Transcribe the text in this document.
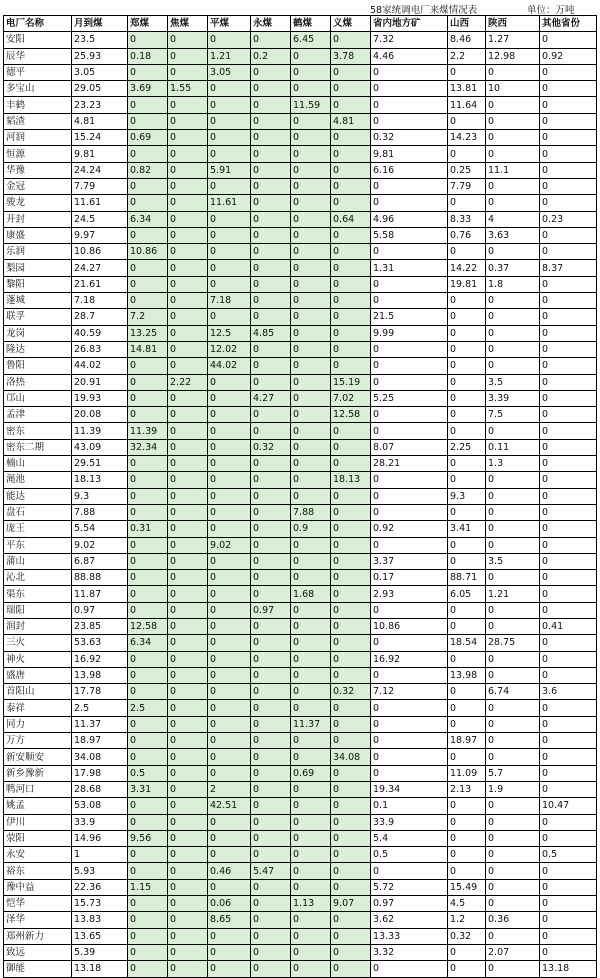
58家统调电厂来煤情况表	单位：万吨
电厂名称	月到煤	郑煤	焦煤	平煤	永煤	鹤煤	义煤	省内地方矿	山西	陕西	其他省份
安阳	23.5	0	0	0	0	6.45	0	7.32	8.46	1.27	0
辰华	25.93	0.18	0	1.21	0.2	0	3.78	4.46	2.2	12.98	0.92
德平	3.05	0	0	3.05	0	0	0	0	0	0	0
多宝山	29.05	3.69	1.55	0	0	0	0	0	13.81	10	0
丰鹤	23.23	0	0	0	0	11.59	0	0	11.64	0	0
韬渣	4.81	0	0	0	0	0	4.81	0	0	0	0
河润	15.24	0.69	0	0	0	0	0	0.32	14.23	0	0
恒源	9.81	0	0	0	0	0	0	9.81	0	0	0
华豫	24.24	0.82	0	5.91	0	0	0	6.16	0.25	11.1	0
金冠	7.79	0	0	0	0	0	0	0	7.79	0	0
骏龙	11.61	0	0	11.61	0	0	0	0	0	0	0
开封	24.5	6.34	0	0	0	0	0.64	4.96	8.33	4	0.23
康盛	9.97	0	0	0	0	0	0	5.58	0.76	3.63	0
乐润	10.86	10.86	0	0	0	0	0	0	0	0	0
梨园	24.27	0	0	0	0	0	0	1.31	14.22	0.37	8.37
黎阳	21.61	0	0	0	0	0	0	0	19.81	1.8	0
蓬城	7.18	0	0	7.18	0	0	0	0	0	0	0
联孚	28.7	7.2	0	0	0	0	0	21.5	0	0	0
龙岗	40.59	13.25	0	12.5	4.85	0	0	9.99	0	0	0
隆达	26.83	14.81	0	12.02	0	0	0	0	0	0	0
鲁阳	44.02	0	0	44.02	0	0	0	0	0	0	0
洛热	20.91	0	2.22	0	0	0	15.19	0	0	3.5	0
邙山	19.93	0	0	0	4.27	0	7.02	5.25	0	3.39	0
孟津	20.08	0	0	0	0	0	12.58	0	0	7.5	0
密东	11.39	11.39	0	0	0	0	0	0	0	0	0
密东二期	43.09	32.34	0	0	0.32	0	0	8.07	2.25	0.11	0
楠山	29.51	0	0	0	0	0	0	28.21	0	1.3	0
渑池	18.13	0	0	0	0	0	18.13	0	0	0	0
能达	9.3	0	0	0	0	0	0	0	9.3	0	0
盘石	7.88	0	0	0	0	7.88	0	0	0	0	0
庞王	5.54	0.31	0	0	0	0.9	0	0.92	3.41	0	0
平东	9.02	0	0	9.02	0	0	0	0	0	0	0
蒲山	6.87	0	0	0	0	0	0	3.37	0	3.5	0
沁北	88.88	0	0	0	0	0	0	0.17	88.71	0	0
渠东	11.87	0	0	0	0	1.68	0	2.93	6.05	1.21	0
瑞阳	0.97	0	0	0	0.97	0	0	0	0	0	0
润封	23.85	12.58	0	0	0	0	0	10.86	0	0	0.41
三火	53.63	6.34	0	0	0	0	0	0	18.54	28.75	0
神火	16.92	0	0	0	0	0	0	16.92	0	0	0
盛唐	13.98	0	0	0	0	0	0	0	13.98	0	0
首阳山	17.78	0	0	0	0	0	0.32	7.12	0	6.74	3.6
泰祥	2.5	2.5	0	0	0	0	0	0	0	0	0
同力	11.37	0	0	0	0	11.37	0	0	0	0	0
万方	18.97	0	0	0	0	0	0	0	18.97	0	0
新安顺安	34.08	0	0	0	0	0	34.08	0	0	0	0
新乡豫新	17.98	0.5	0	0	0	0.69	0	0	11.09	5.7	0
鸭河口	28.68	3.31	0	2	0	0	0	19.34	2.13	1.9	0
姚孟	53.08	0	0	42.51	0	0	0	0.1	0	0	10.47
伊川	33.9	0	0	0	0	0	0	33.9	0	0	0
荥阳	14.96	9.56	0	0	0	0	0	5.4	0	0	0
永安	1	0	0	0	0	0	0	0.5	0	0	0.5
裕东	5.93	0	0	0.46	5.47	0	0	0	0	0	0
豫中益	22.36	1.15	0	0	0	0	0	5.72	15.49	0	0
恺华	15.73	0	0	0.06	0	1.13	9.07	0.97	4.5	0	0
泽华	13.83	0	0	8.65	0	0	0	3.62	1.2	0.36	0
郑州新力	13.65	0	0	0	0	0	0	13.33	0.32	0	0
致远	5.39	0	0	0	0	0	0	3.32	0	2.07	0
御能	13.18	0	0	0	0	0	0	0	0	0	13.18
